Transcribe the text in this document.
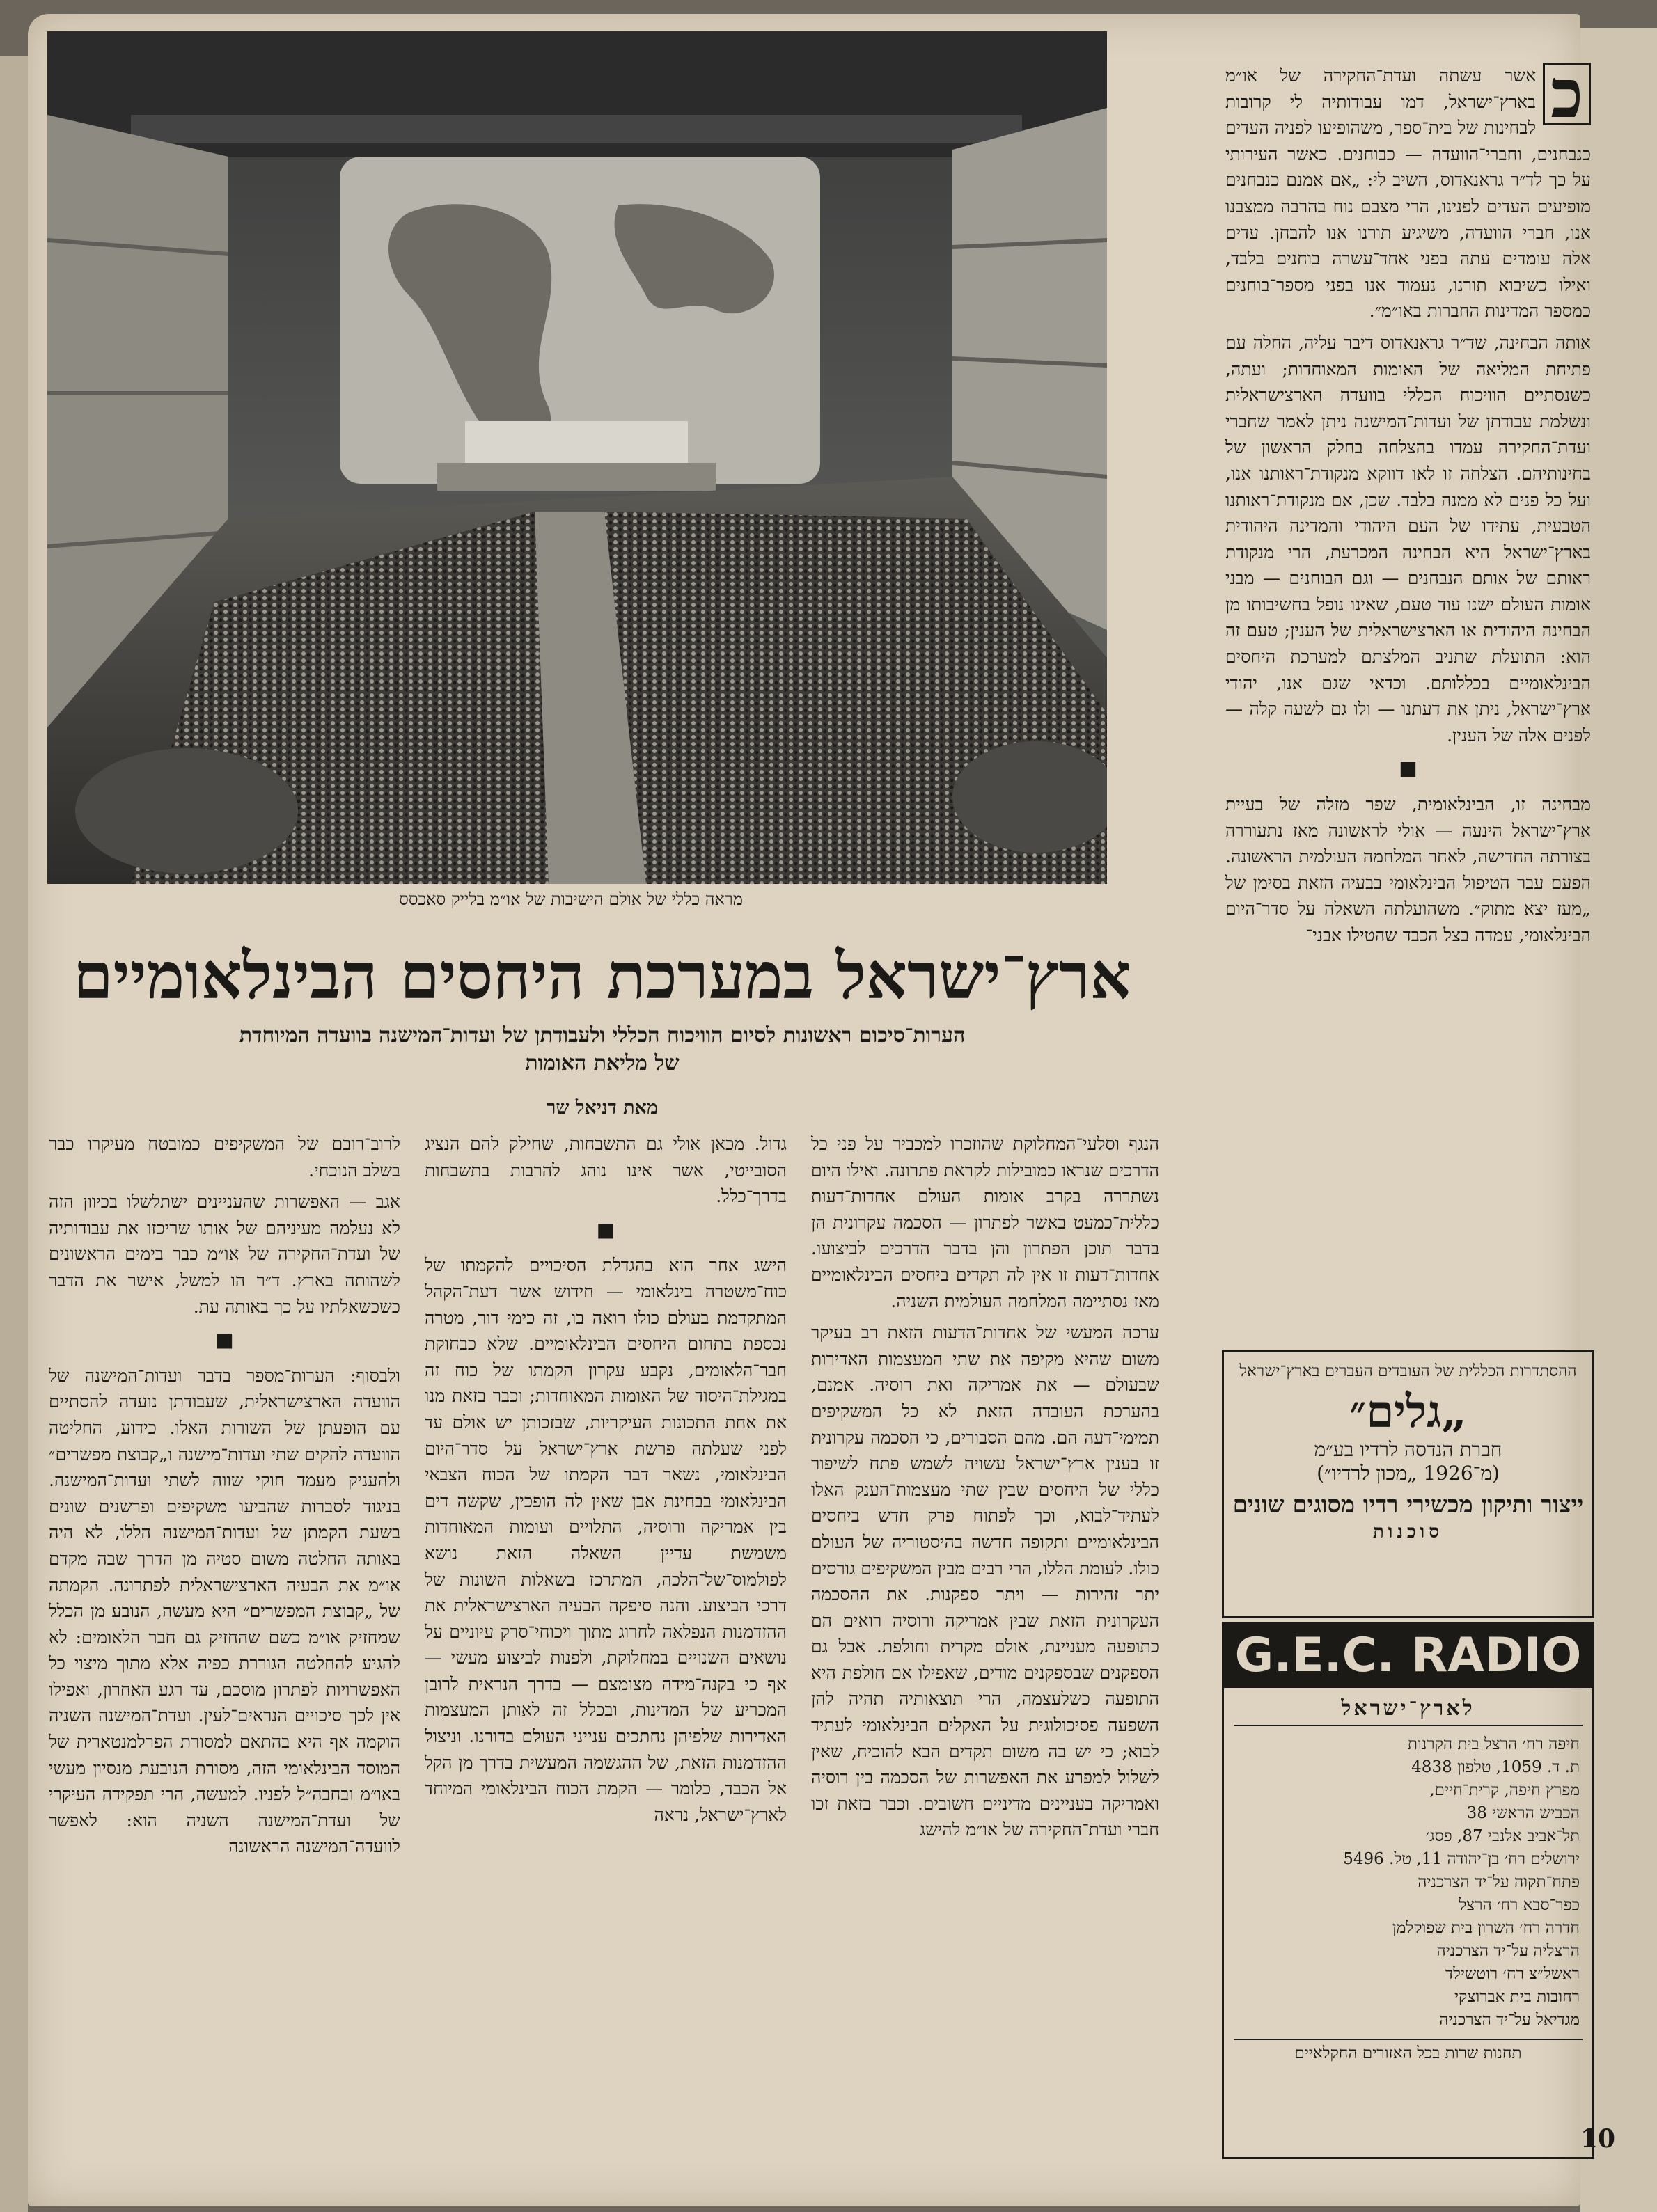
מראה כללי של אולם הישיבות של או״מ בלייק סאכסס
כ

אשר עשתה ועדת־החקירה של או״מ בארץ־ישראל, דמו עבודותיה לי קרובות לבחינות של בית־ספר, משהופיעו לפניה העדים כנבחנים, וחברי־הוועדה — כבוחנים. כאשר העירותי על כך לד״ר גראנאדוס, השיב לי: „אם אמנם כנבחנים מופיעים העדים לפנינו, הרי מצבם נוח בהרבה ממצבנו אנו, חברי הוועדה, משיגיע תורנו אנו להבחן. עדים אלה עומדים עתה בפני אחד־עשרה בוחנים בלבד, ואילו כשיבוא תורנו, נעמוד אנו בפני מספר־בוחנים כמספר המדינות החברות באו״מ״.

אותה הבחינה, שד״ר גראנאדוס דיבר עליה, החלה עם פתיחת המליאה של האומות המאוחדות; ועתה, כשנסתיים הוויכוח הכללי בוועדה הארצישראלית ונשלמת עבודתן של ועדות־המישנה ניתן לאמר שחברי ועדת־החקירה עמדו בהצלחה בחלק הראשון של בחינותיהם. הצלחה זו לאו דווקא מנקודת־ראותנו אנו, ועל כל פנים לא ממנה בלבד. שכן, אם מנקודת־ראותנו הטבעית, עתידו של העם היהודי והמדינה היהודית בארץ־ישראל היא הבחינה המכרעת, הרי מנקודת ראותם של אותם הנבחנים — וגם הבוחנים — מבני אומות העולם ישנו עוד טעם, שאינו נופל בחשיבותו מן הבחינה היהודית או הארצישראלית של הענין; טעם זה הוא: התועלת שתניב המלצתם למערכת היחסים הבינלאומיים בכללותם. וכדאי שגם אנו, יהודי ארץ־ישראל, ניתן את דעתנו — ולו גם לשעה קלה — לפנים אלה של הענין.

■

מבחינה זו, הבינלאומית, שפר מזלה של בעיית ארץ־ישראל הינעה — אולי לראשונה מאז נתעוררה בצורתה החדישה, לאחר המלחמה העולמית הראשונה. הפעם עבר הטיפול הבינלאומי בבעיה הזאת בסימן של „מעז יצא מתוק״. משהועלתה השאלה על סדר־היום הבינלאומי, עמדה בצל הכבד שהטילו אבני־

ארץ־ישראל במערכת היחסים הבינלאומיים
הערות־סיכום ראשונות לסיום הוויכוח הכללי ולעבודתן של ועדות־המישנה בוועדה המיוחדת
של מליאת האומות
מאת דניאל שר

הנגף וסלעי־המחלוקת שהוזכרו למכביר על פני כל הדרכים שנראו כמובילות לקראת פתרונה. ואילו היום נשתררה בקרב אומות העולם אחדות־דעות כללית־כמעט באשר לפתרון — הסכמה עקרונית הן בדבר תוכן הפתרון והן בדבר הדרכים לביצועו. אחדות־דעות זו אין לה תקדים ביחסים הבינלאומיים מאז נסתיימה המלחמה העולמית השניה.

ערכה המעשי של אחדות־הדעות הזאת רב בעיקר משום שהיא מקיפה את שתי המעצמות האדירות שבעולם — את אמריקה ואת רוסיה. אמנם, בהערכת העובדה הזאת לא כל המשקיפים תמימי־דעה הם. מהם הסבורים, כי הסכמה עקרונית זו בענין ארץ־ישראל עשויה לשמש פתח לשיפור כללי של היחסים שבין שתי מעצמות־הענק האלו לעתיד־לבוא, וכך לפתוח פרק חדש ביחסים הבינלאומיים ותקופה חדשה בהיסטוריה של העולם כולו. לעומת הללו, הרי רבים מבין המשקיפים גורסים יתר זהירות — ויתר ספקנות. את ההסכמה העקרונית הזאת שבין אמריקה ורוסיה רואים הם כתופעה מעניינת, אולם מקרית וחולפת. אבל גם הספקנים שבספקנים מודים, שאפילו אם חולפת היא התופעה כשלעצמה, הרי תוצאותיה תהיה להן השפעה פסיכולוגית על האקלים הבינלאומי לעתיד לבוא; כי יש בה משום תקדים הבא להוכיח, שאין לשלול למפרע את האפשרות של הסכמה בין רוסיה ואמריקה בעניינים מדיניים חשובים. וכבר בזאת זכו חברי ועדת־החקירה של או״מ להישג

גדול. מכאן אולי גם התשבחות, שחילק להם הנציג הסובייטי, אשר אינו נוהג להרבות בתשבחות בדרך־כלל.

■

הישג אחר הוא בהגדלת הסיכויים להקמתו של כוח־משטרה בינלאומי — חידוש אשר דעת־הקהל המתקדמת בעולם כולו רואה בו, זה כימי דור, מטרה נכספת בתחום היחסים הבינלאומיים. שלא כבחוקת חבר־הלאומים, נקבע עקרון הקמתו של כוח זה במגילת־היסוד של האומות המאוחדות; וכבר בזאת מנו את אחת התכונות העיקריות, שבזכותן יש אולם עד לפני שעלתה פרשת ארץ־ישראל על סדר־היום הבינלאומי, נשאר דבר הקמתו של הכוח הצבאי הבינלאומי בבחינת אבן שאין לה הופכין, שקשה דים בין אמריקה ורוסיה, התלויים ועומות המאוחדות משמשת עדיין השאלה הזאת נושא לפולמוס־של־הלכה, המתרכז בשאלות השונות של דרכי הביצוע. והנה סיפקה הבעיה הארצישראלית את ההזדמנות הנפלאה לחרוג מתוך ויכוחי־סרק עיוניים על נושאים השנויים במחלוקת, ולפנות לביצוע מעשי — אף כי בקנה־מידה מצומצם — בדרך הנראית לרובן המכריע של המדינות, ובכלל זה לאותן המעצמות האדירות שלפיהן נחתכים ענייני העולם בדורנו. וניצול ההזדמנות הזאת, של ההגשמה המעשית בדרך מן הקל אל הכבד, כלומר — הקמת הכוח הבינלאומי המיוחד לארץ־ישראל, נראה

לרוב־רובם של המשקיפים כמובטח מעיקרו כבר בשלב הנוכחי.

אגב — האפשרות שהעניינים ישתלשלו בכיוון הזה לא נעלמה מעיניהם של אותו שריכזו את עבודותיה של ועדת־החקירה של או״מ כבר בימים הראשונים לשהותה בארץ. ד״ר הו למשל, אישר את הדבר כשכשאלתיו על כך באותה עת.

■

ולבסוף: הערות־מספר בדבר ועדות־המישנה של הוועדה הארצישראלית, שעבודתן נועדה להסתיים עם הופעתן של השורות האלו. כידוע, החליטה הוועדה להקים שתי ועדות־מישנה ו„קבוצת מפשרים״ ולהעניק מעמד חוקי שווה לשתי ועדות־המישנה. בניגוד לסברות שהביעו משקיפים ופרשנים שונים בשעת הקמתן של ועדות־המישנה הללו, לא היה באותה החלטה משום סטיה מן הדרך שבה מקדם או״מ את הבעיה הארצישראלית לפתרונה. הקמתה של „קבוצת המפשרים״ היא מעשה, הנובע מן הכלל שמחזיק או״מ כשם שהחזיק גם חבר הלאומים: לא להגיע להחלטה הגוררת כפיה אלא מתוך מיצוי כל האפשרויות לפתרון מוסכם, עד רגע האחרון, ואפילו אין לכך סיכויים הנראים־לעין. ועדת־המישנה השניה הוקמה אף היא בהתאם למסורת הפרלמנטארית של המוסד הבינלאומי הזה, מסורת הנובעת מנסיון מעשי באו״מ ובחבה״ל לפניו. למעשה, הרי תפקידה העיקרי של ועדת־המישנה השניה הוא: לאפשר לוועדה־המישנה הראשונה

ההסתדרות הכללית של העובדים העברים בארץ־ישראל
„גלים״
חברת הנדסה לרדיו בע״מ
(מ־1926 „מכון לרדיו״)
ייצור ותיקון מכשירי רדיו מסוגים שונים
סוכנות
G.E.C. RADIO
לארץ־ישראל
חיפה רח׳ הרצל בית הקרנות
ת. ד. 1059, טלפון 4838
מפרץ חיפה, קרית־חיים,
הכביש הראשי 38
תל־אביב אלנבי 87, פסג׳
ירושלים רח׳ בן־יהודה 11, טל. 5496
פתח־תקוה על־יד הצרכניה
כפר־סבא רח׳ הרצל
חדרה רח׳ השרון בית שפוקלמן
הרצליה על־יד הצרכניה
ראשל״צ רח׳ רוטשילד
רחובות בית אברוצקי
מגדיאל על־יד הצרכניה
תחנות שרות בכל האזורים החקלאיים
10
